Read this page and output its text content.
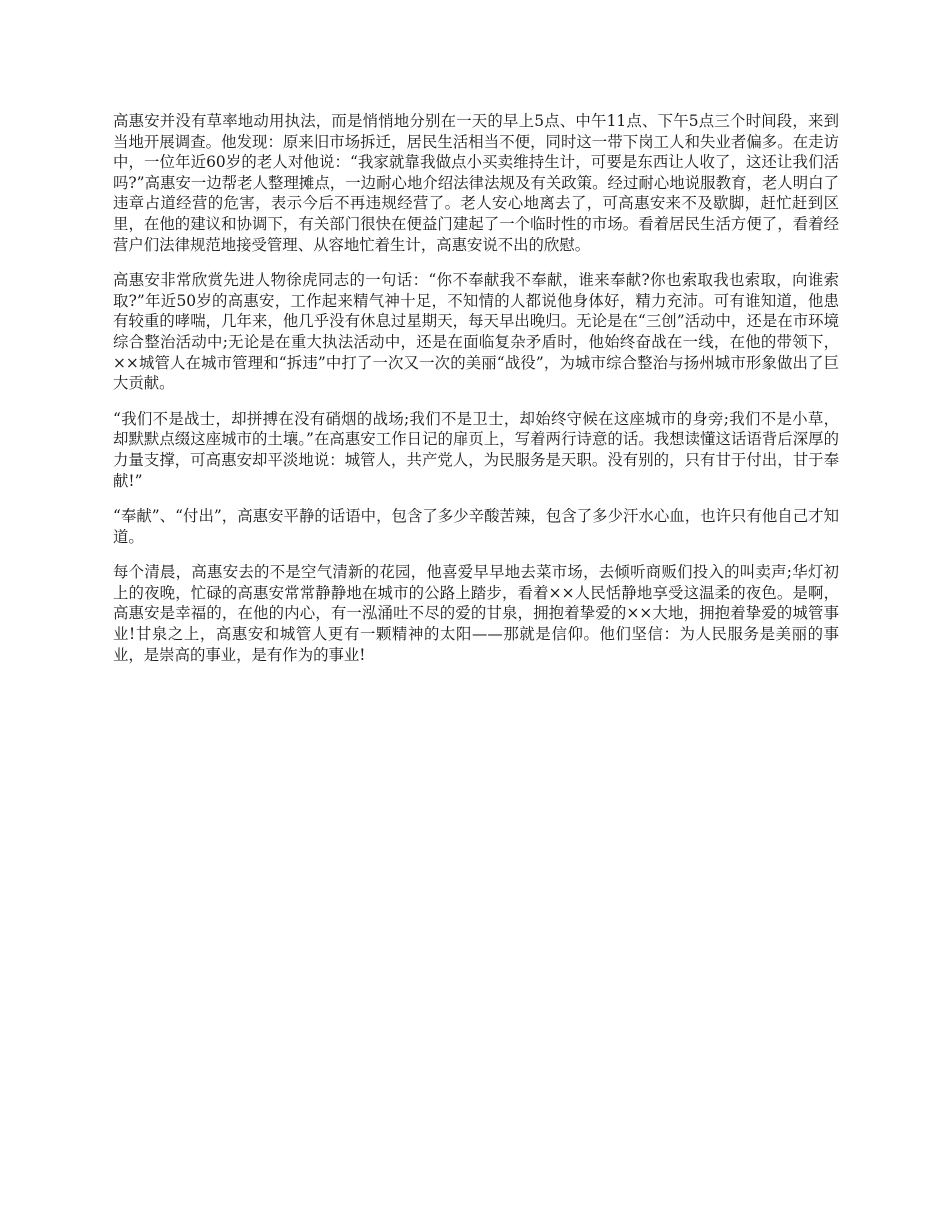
高惠安并没有草率地动用执法，而是悄悄地分别在一天的早上5点、中午11点、下午5点三个时间段，来到当地开展调查。他发现：原来旧市场拆迁，居民生活相当不便，同时这一带下岗工人和失业者偏多。在走访中，一位年近60岁的老人对他说：“我家就靠我做点小买卖维持生计，可要是东西让人收了，这还让我们活吗?”高惠安一边帮老人整理摊点，一边耐心地介绍法律法规及有关政策。经过耐心地说服教育，老人明白了违章占道经营的危害，表示今后不再违规经营了。老人安心地离去了，可高惠安来不及歇脚，赶忙赶到区里，在他的建议和协调下，有关部门很快在便益门建起了一个临时性的市场。看着居民生活方便了，看着经营户们法律规范地接受管理、从容地忙着生计，高惠安说不出的欣慰。

高惠安非常欣赏先进人物徐虎同志的一句话：“你不奉献我不奉献，谁来奉献?你也索取我也索取，向谁索取?”年近50岁的高惠安，工作起来精气神十足，不知情的人都说他身体好，精力充沛。可有谁知道，他患有较重的哮喘，几年来，他几乎没有休息过星期天，每天早出晚归。无论是在“三创”活动中，还是在市环境综合整治活动中;无论是在重大执法活动中，还是在面临复杂矛盾时，他始终奋战在一线，在他的带领下，××城管人在城市管理和“拆违”中打了一次又一次的美丽“战役”，为城市综合整治与扬州城市形象做出了巨大贡献。

“我们不是战士，却拼搏在没有硝烟的战场;我们不是卫士，却始终守候在这座城市的身旁;我们不是小草，却默默点缀这座城市的土壤。”在高惠安工作日记的扉页上，写着两行诗意的话。我想读懂这话语背后深厚的力量支撑，可高惠安却平淡地说：城管人，共产党人，为民服务是天职。没有别的，只有甘于付出，甘于奉献!”

“奉献”、“付出”，高惠安平静的话语中，包含了多少辛酸苦辣，包含了多少汗水心血，也许只有他自己才知道。

每个清晨，高惠安去的不是空气清新的花园，他喜爱早早地去菜市场，去倾听商贩们投入的叫卖声;华灯初上的夜晚，忙碌的高惠安常常静静地在城市的公路上踏步，看着××人民恬静地享受这温柔的夜色。是啊，高惠安是幸福的，在他的内心，有一泓涌吐不尽的爱的甘泉，拥抱着挚爱的××大地，拥抱着挚爱的城管事业!甘泉之上，高惠安和城管人更有一颗精神的太阳——那就是信仰。他们坚信：为人民服务是美丽的事业，是崇高的事业，是有作为的事业!
